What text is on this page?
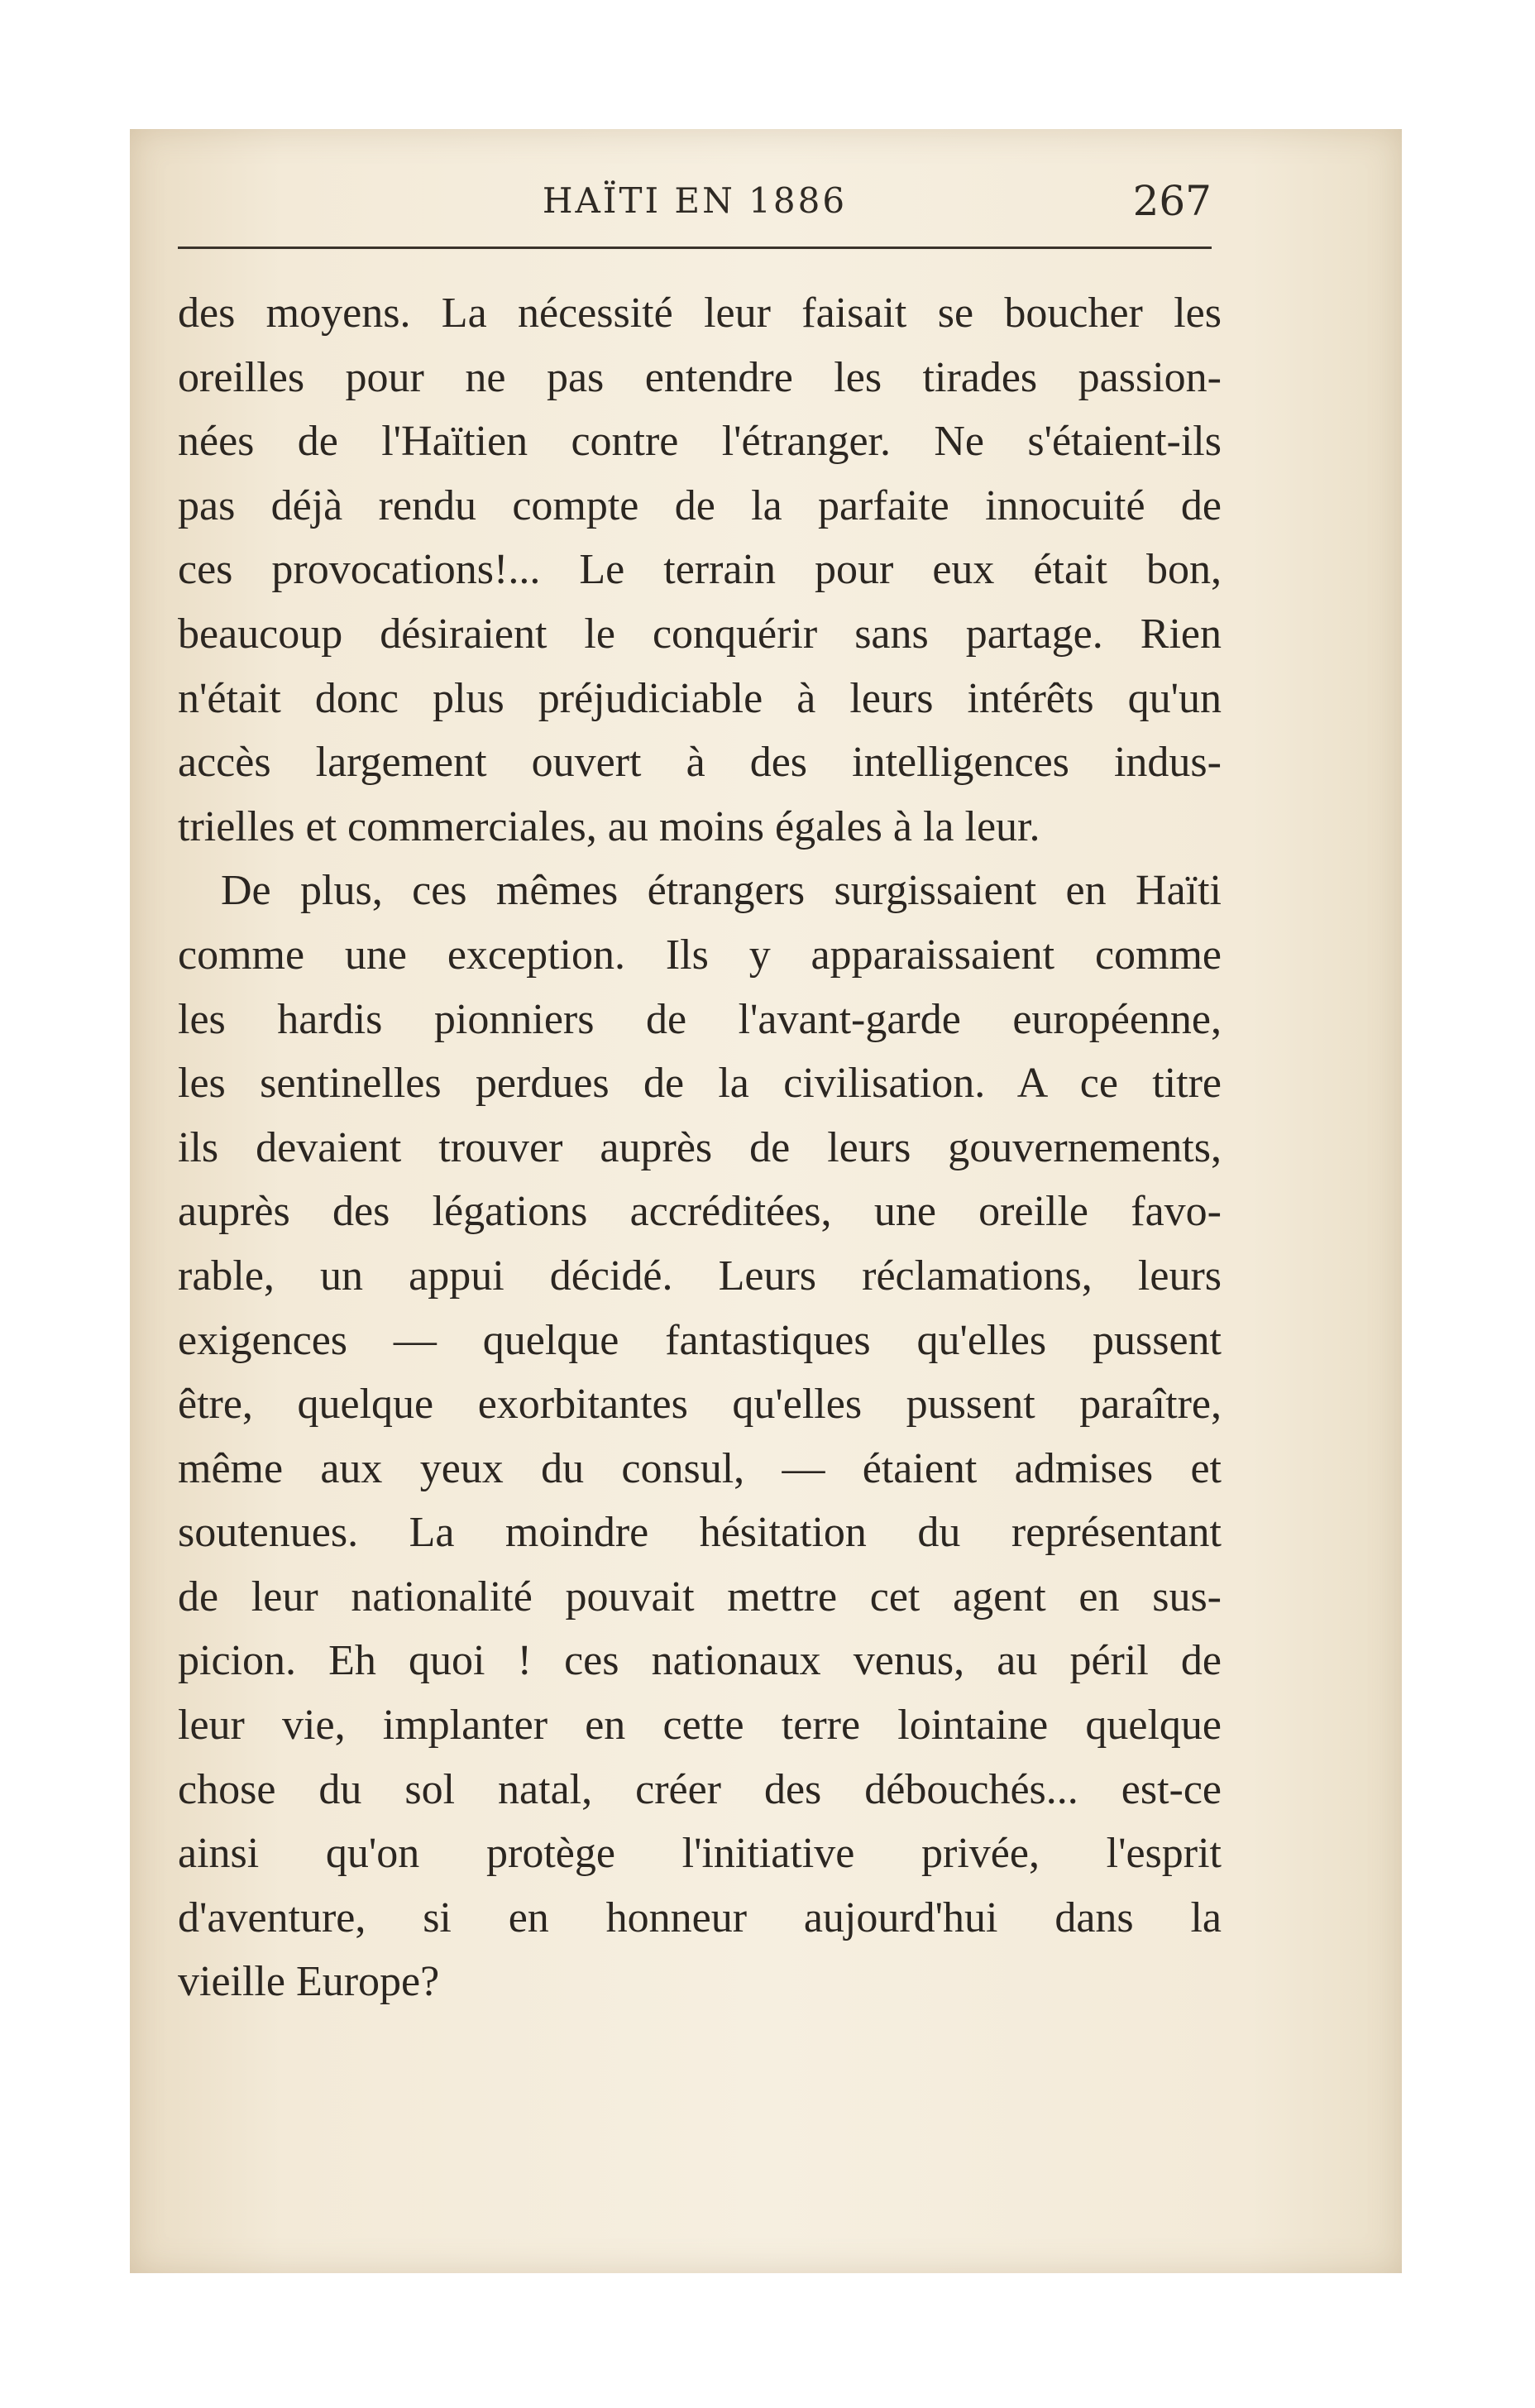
HAÏTI EN 1886	267
des moyens. La nécessité leur faisait se boucher les
oreilles pour ne pas entendre les tirades passion-
nées de l'Haïtien contre l'étranger. Ne s'étaient-ils
pas déjà rendu compte de la parfaite innocuité de
ces provocations!... Le terrain pour eux était bon,
beaucoup désiraient le conquérir sans partage. Rien
n'était donc plus préjudiciable à leurs intérêts qu'un
accès largement ouvert à des intelligences indus-
trielles et commerciales, au moins égales à la leur.
De plus, ces mêmes étrangers surgissaient en Haïti
comme une exception. Ils y apparaissaient comme
les hardis pionniers de l'avant-garde européenne,
les sentinelles perdues de la civilisation. A ce titre
ils devaient trouver auprès de leurs gouvernements,
auprès des légations accréditées, une oreille favo-
rable, un appui décidé. Leurs réclamations, leurs
exigences — quelque fantastiques qu'elles pussent
être, quelque exorbitantes qu'elles pussent paraître,
même aux yeux du consul, — étaient admises et
soutenues. La moindre hésitation du représentant
de leur nationalité pouvait mettre cet agent en sus-
picion. Eh quoi ! ces nationaux venus, au péril de
leur vie, implanter en cette terre lointaine quelque
chose du sol natal, créer des débouchés... est-ce
ainsi qu'on protège l'initiative privée, l'esprit
d'aventure, si en honneur aujourd'hui dans la
vieille Europe?
